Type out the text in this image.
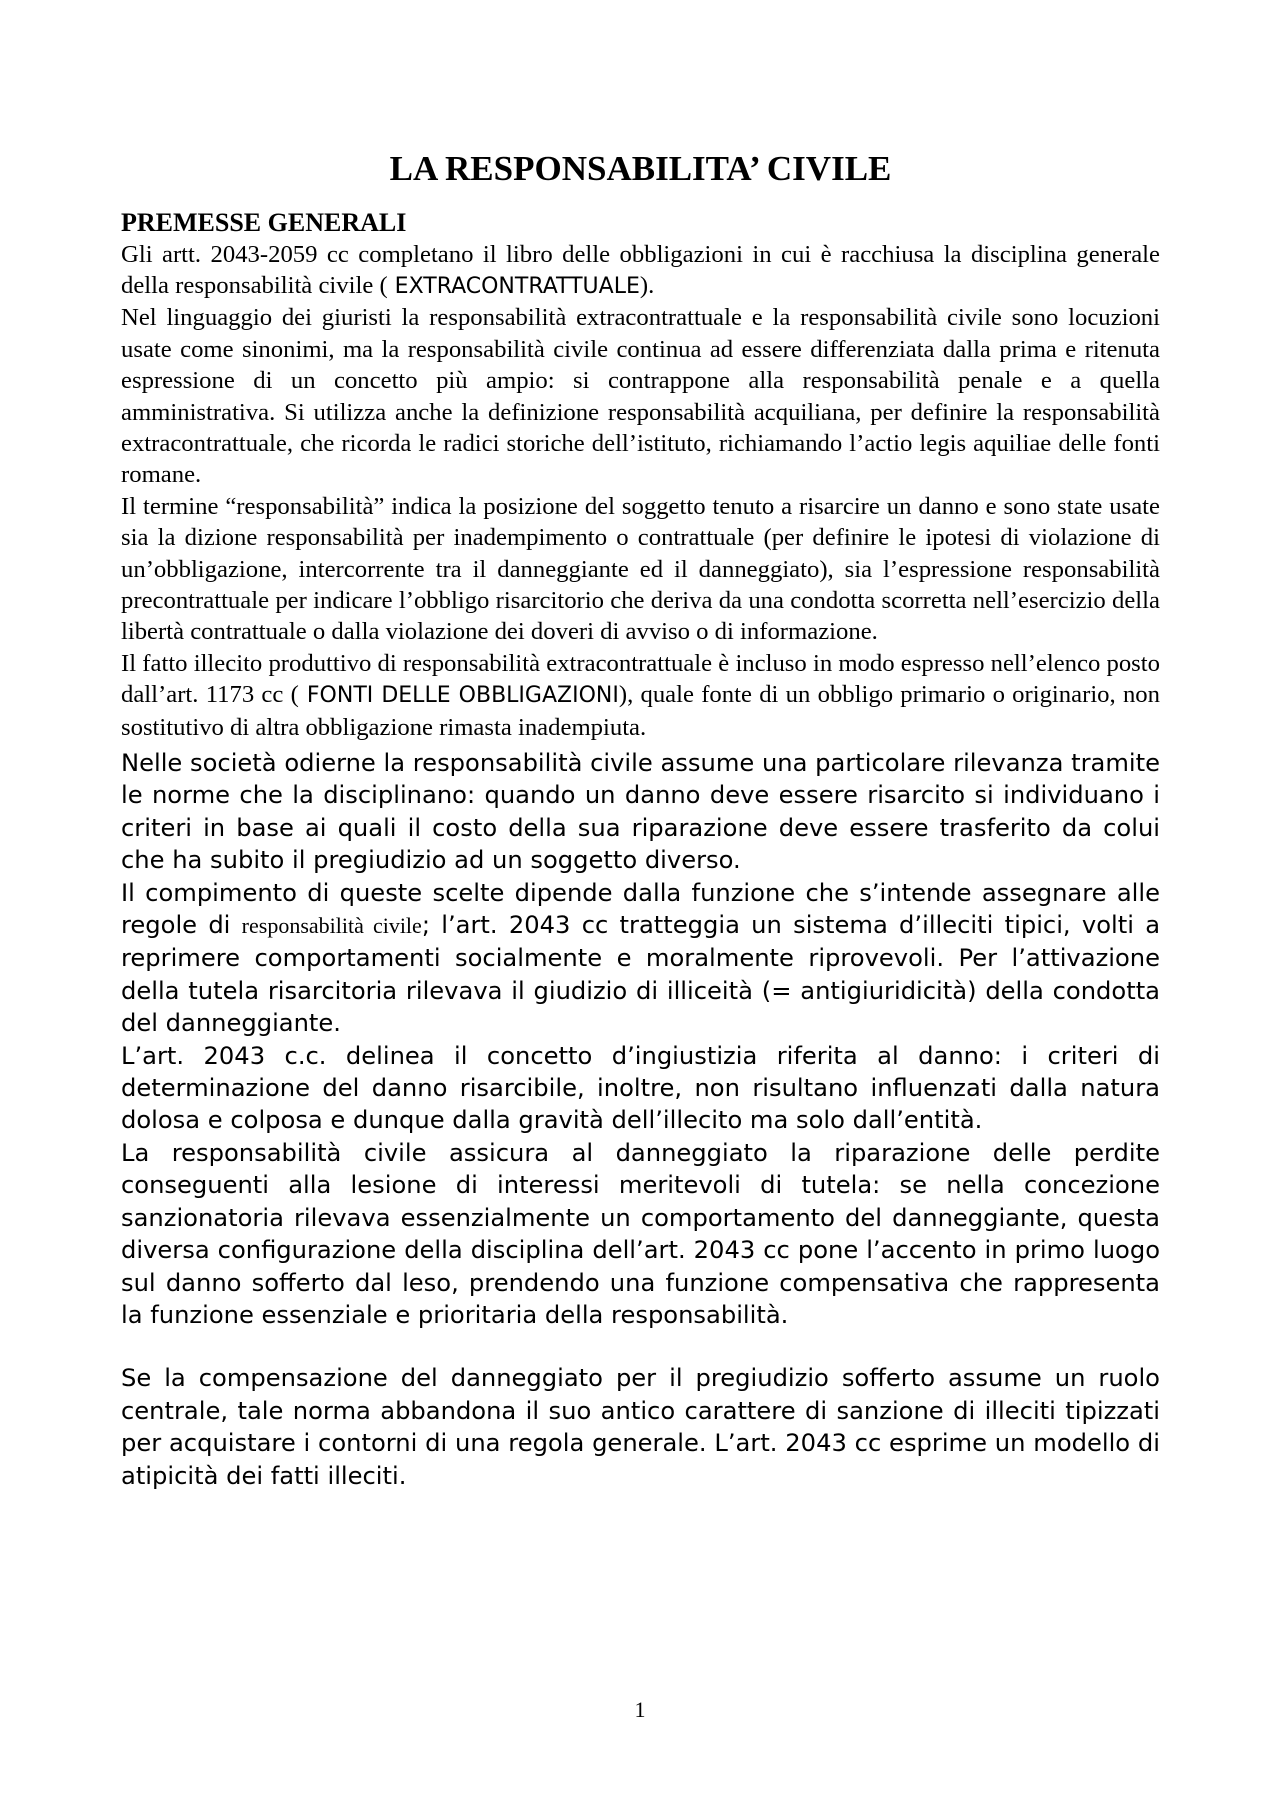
LA RESPONSABILITA’ CIVILE
PREMESSE GENERALI

Gli artt. 2043-2059 cc completano il libro delle obbligazioni in cui è racchiusa la disciplina generale della responsabilità civile ( EXTRACONTRATTUALE).

Nel linguaggio dei giuristi la responsabilità extracontrattuale e la responsabilità civile sono locuzioni usate come sinonimi, ma la responsabilità civile continua ad essere differenziata dalla prima e ritenuta espressione di un concetto più ampio: si contrappone alla responsabilità penale e a quella amministrativa. Si utilizza anche la definizione responsabilità acquiliana, per definire la responsabilità extracontrattuale, che ricorda le radici storiche dell’istituto, richiamando l’actio legis aquiliae delle fonti romane.

Il termine “responsabilità” indica la posizione del soggetto tenuto a risarcire un danno e sono state usate sia la dizione responsabilità per inadempimento o contrattuale (per definire le ipotesi di violazione di un’obbligazione, intercorrente tra il danneggiante ed il danneggiato), sia l’espressione responsabilità precontrattuale per indicare l’obbligo risarcitorio che deriva da una condotta scorretta nell’esercizio della libertà contrattuale o dalla violazione dei doveri di avviso o di informazione.

Il fatto illecito produttivo di responsabilità extracontrattuale è incluso in modo espresso nell’elenco posto dall’art. 1173 cc ( FONTI DELLE OBBLIGAZIONI), quale fonte di un obbligo primario o originario, non sostitutivo di altra obbligazione rimasta inadempiuta.

Nelle società odierne la responsabilità civile assume una particolare rilevanza tramite le norme che la disciplinano: quando un danno deve essere risarcito si individuano i criteri in base ai quali il costo della sua riparazione deve essere trasferito da colui che ha subito il pregiudizio ad un soggetto diverso.

Il compimento di queste scelte dipende dalla funzione che s’intende assegnare alle regole di responsabilità civile; l’art. 2043 cc tratteggia un sistema d’illeciti tipici, volti a reprimere comportamenti socialmente e moralmente riprovevoli. Per l’attivazione della tutela risarcitoria rilevava il giudizio di illiceità (= antigiuridicità) della condotta del danneggiante.

L’art. 2043 c.c. delinea il concetto d’ingiustizia riferita al danno: i criteri di determinazione del danno risarcibile, inoltre, non risultano influenzati dalla natura dolosa e colposa e dunque dalla gravità dell’illecito ma solo dall’entità.

La responsabilità civile assicura al danneggiato la riparazione delle perdite conseguenti alla lesione di interessi meritevoli di tutela: se nella concezione sanzionatoria rilevava essenzialmente un comportamento del danneggiante, questa diversa configurazione della disciplina dell’art. 2043 cc pone l’accento in primo luogo sul danno sofferto dal leso, prendendo una funzione compensativa che rappresenta la funzione essenziale e prioritaria della responsabilità.

Se la compensazione del danneggiato per il pregiudizio sofferto assume un ruolo centrale, tale norma abbandona il suo antico carattere di sanzione di illeciti tipizzati per acquistare i contorni di una regola generale. L’art. 2043 cc esprime un modello di atipicità dei fatti illeciti.

1
